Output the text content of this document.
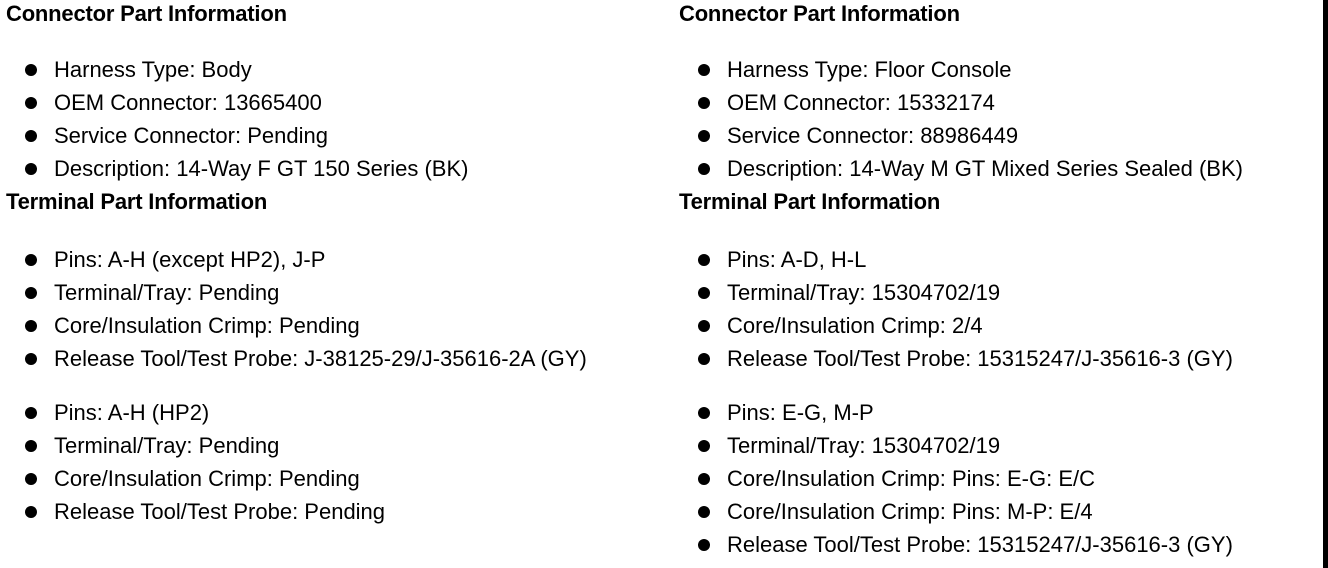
Connector Part Information
Harness Type: Body
OEM Connector: 13665400
Service Connector: Pending
Description: 14-Way F GT 150 Series (BK)
Terminal Part Information
Pins: A-H (except HP2), J-P
Terminal/Tray: Pending
Core/Insulation Crimp: Pending
Release Tool/Test Probe: J-38125-29/J-35616-2A (GY)
Pins: A-H (HP2)
Terminal/Tray: Pending
Core/Insulation Crimp: Pending
Release Tool/Test Probe: Pending
Connector Part Information
Harness Type: Floor Console
OEM Connector: 15332174
Service Connector: 88986449
Description: 14-Way M GT Mixed Series Sealed (BK)
Terminal Part Information
Pins: A-D, H-L
Terminal/Tray: 15304702/19
Core/Insulation Crimp: 2/4
Release Tool/Test Probe: 15315247/J-35616-3 (GY)
Pins: E-G, M-P
Terminal/Tray: 15304702/19
Core/Insulation Crimp: Pins: E-G: E/C
Core/Insulation Crimp: Pins: M-P: E/4
Release Tool/Test Probe: 15315247/J-35616-3 (GY)
